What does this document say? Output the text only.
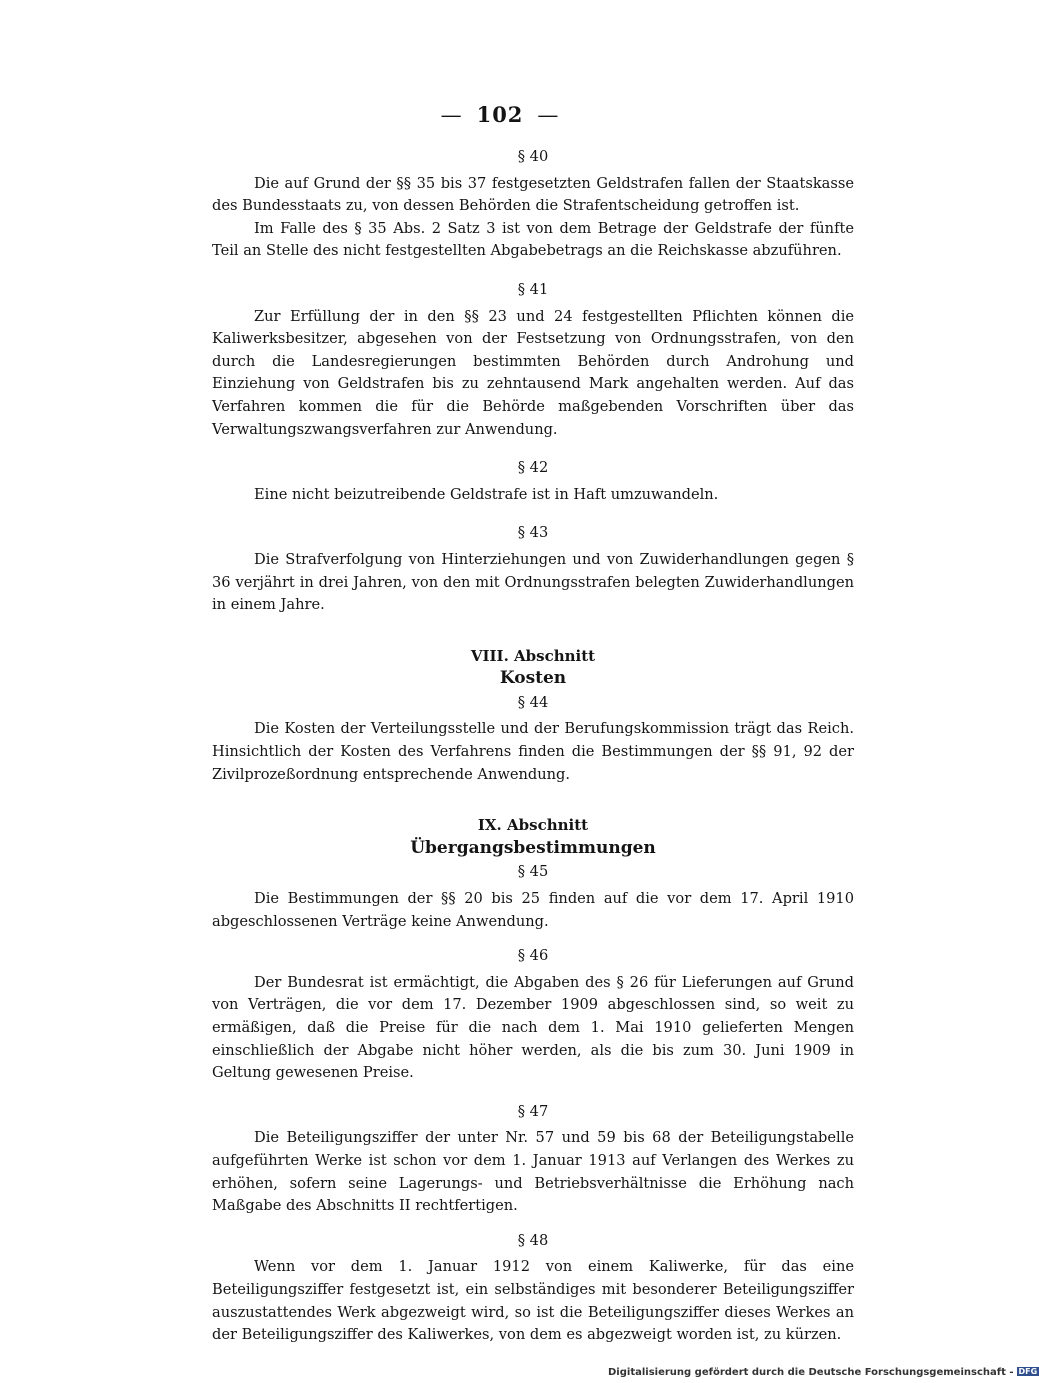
— 102 —
§ 40

Die auf Grund der §§ 35 bis 37 festgesetzten Geldstrafen fallen der Staatskasse des Bundesstaats zu, von dessen Behörden die Strafentscheidung getroffen ist.

Im Falle des § 35 Abs. 2 Satz 3 ist von dem Betrage der Geldstrafe der fünfte Teil an Stelle des nicht festgestellten Abgabebetrags an die Reichskasse abzuführen.

§ 41

Zur Erfüllung der in den §§ 23 und 24 festgestellten Pflichten können die Kaliwerksbesitzer, abgesehen von der Festsetzung von Ordnungsstrafen, von den durch die Landesregierungen bestimmten Behörden durch Androhung und Einziehung von Geldstrafen bis zu zehntausend Mark angehalten werden. Auf das Verfahren kommen die für die Behörde maßgebenden Vorschriften über das Verwaltungszwangsverfahren zur Anwendung.

§ 42

Eine nicht beizutreibende Geldstrafe ist in Haft umzuwandeln.

§ 43

Die Strafverfolgung von Hinterziehungen und von Zuwiderhandlungen gegen § 36 verjährt in drei Jahren, von den mit Ordnungsstrafen belegten Zuwiderhandlungen in einem Jahre.

VIII. Abschnitt
Kosten
§ 44

Die Kosten der Verteilungsstelle und der Berufungskommission trägt das Reich. Hinsichtlich der Kosten des Verfahrens finden die Bestimmungen der §§ 91, 92 der Zivilprozeßordnung entsprechende Anwendung.

IX. Abschnitt
Übergangsbestimmungen
§ 45

Die Bestimmungen der §§ 20 bis 25 finden auf die vor dem 17. April 1910 abgeschlossenen Verträge keine Anwendung.

§ 46

Der Bundesrat ist ermächtigt, die Abgaben des § 26 für Lieferungen auf Grund von Verträgen, die vor dem 17. Dezember 1909 abgeschlossen sind, so weit zu ermäßigen, daß die Preise für die nach dem 1. Mai 1910 gelieferten Mengen einschließlich der Abgabe nicht höher werden, als die bis zum 30. Juni 1909 in Geltung gewesenen Preise.

§ 47

Die Beteiligungsziffer der unter Nr. 57 und 59 bis 68 der Beteiligungstabelle aufgeführten Werke ist schon vor dem 1. Januar 1913 auf Verlangen des Werkes zu erhöhen, sofern seine Lagerungs- und Betriebsverhältnisse die Erhöhung nach Maßgabe des Abschnitts II rechtfertigen.

§ 48

Wenn vor dem 1. Januar 1912 von einem Kaliwerke, für das eine Beteiligungsziffer festgesetzt ist, ein selbständiges mit besonderer Beteiligungsziffer auszustattendes Werk abgezweigt wird, so ist die Beteiligungsziffer dieses Werkes an der Beteiligungsziffer des Kaliwerkes, von dem es abgezweigt worden ist, zu kürzen.

Digitalisierung gefördert durch die Deutsche Forschungsgemeinschaft - DFG
